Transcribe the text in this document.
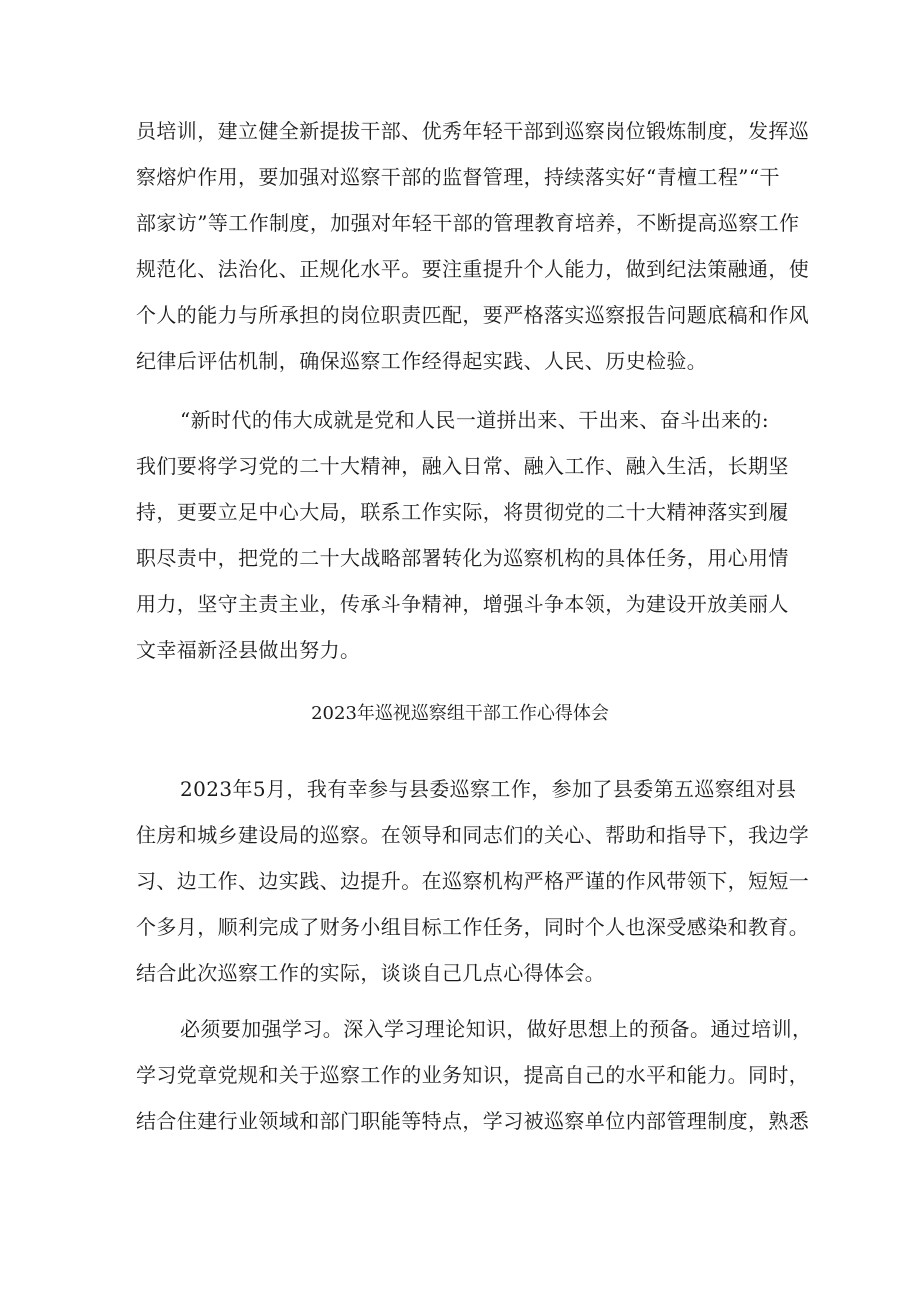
员培训，建立健全新提拔干部、优秀年轻干部到巡察岗位锻炼制度，发挥巡
察熔炉作用，要加强对巡察干部的监督管理，持续落实好“青檀工程”“干
部家访”等工作制度，加强对年轻干部的管理教育培养，不断提高巡察工作
规范化、法治化、正规化水平。要注重提升个人能力，做到纪法策融通，使
个人的能力与所承担的岗位职责匹配，要严格落实巡察报告问题底稿和作风
纪律后评估机制，确保巡察工作经得起实践、人民、历史检验。
“新时代的伟大成就是党和人民一道拼出来、干出来、奋斗出来的:
我们要将学习党的二十大精神，融入日常、融入工作、融入生活，长期坚
持，更要立足中心大局，联系工作实际，将贯彻党的二十大精神落实到履
职尽责中，把党的二十大战略部署转化为巡察机构的具体任务，用心用情
用力，坚守主责主业，传承斗争精神，增强斗争本领，为建设开放美丽人
文幸福新泾县做出努力。
2023年巡视巡察组干部工作心得体会
2023年5月，我有幸参与县委巡察工作，参加了县委第五巡察组对县
住房和城乡建设局的巡察。在领导和同志们的关心、帮助和指导下，我边学
习、边工作、边实践、边提升。在巡察机构严格严谨的作风带领下，短短一
个多月，顺利完成了财务小组目标工作任务，同时个人也深受感染和教育。
结合此次巡察工作的实际，谈谈自己几点心得体会。
必须要加强学习。深入学习理论知识，做好思想上的预备。通过培训，
学习党章党规和关于巡察工作的业务知识，提高自己的水平和能力。同时，
结合住建行业领域和部门职能等特点，学习被巡察单位内部管理制度，熟悉
